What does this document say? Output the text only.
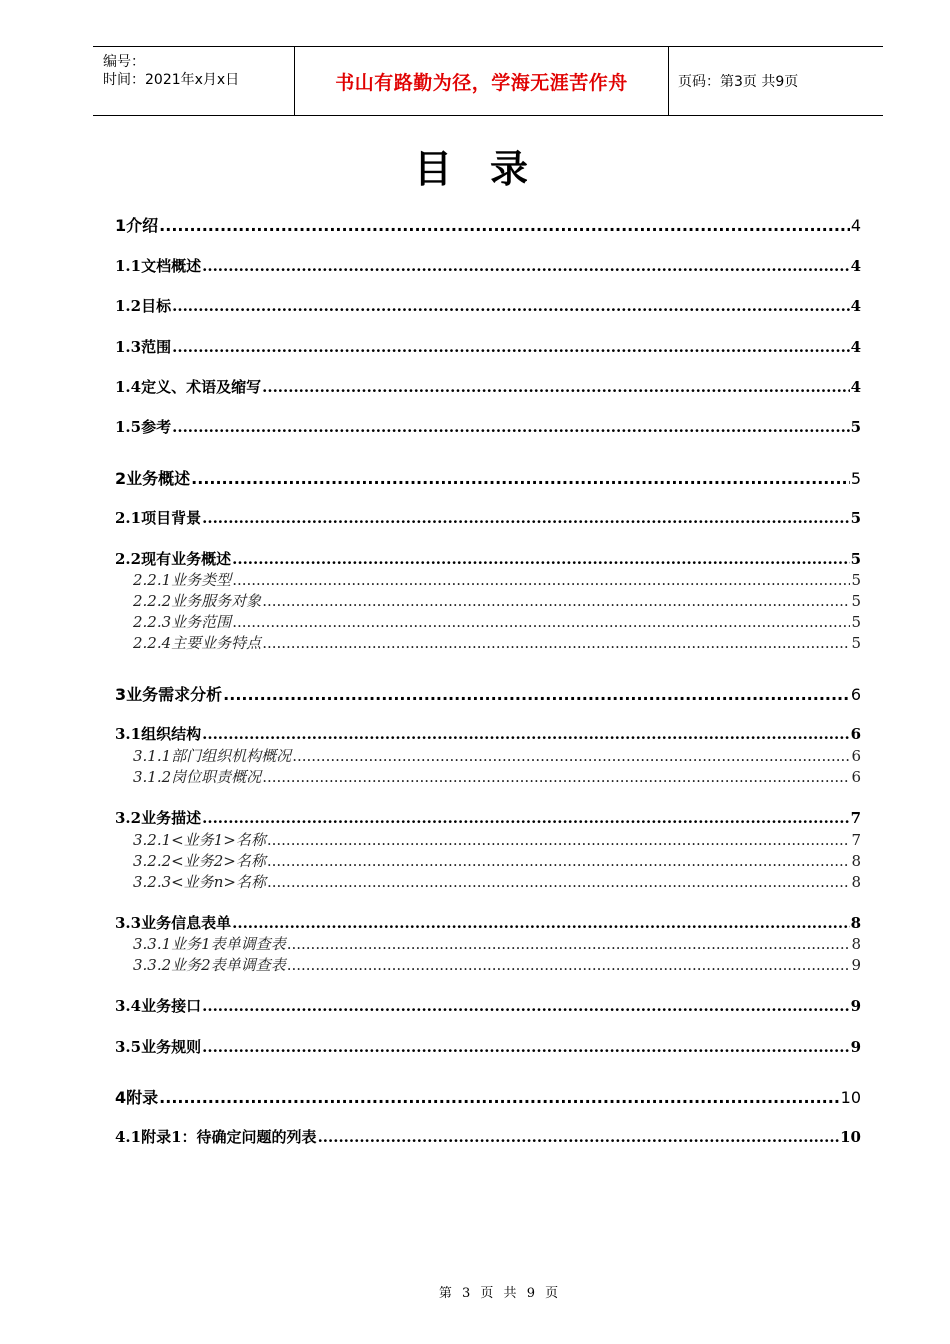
编号：
时间：2021年x月x日	书山有路勤为径，学海无涯苦作舟	页码：第3页 共9页
目录
1 介绍 .....	4
1.1 文档概述 .....	4
1.2 目标 .....	4
1.3 范围 .....	4
1.4 定义、术语及缩写 .....	4
1.5 参考 .....	5
2 业务概述 .....	5
2.1 项目背景 .....	5
2.2 现有业务概述 .....	5
2.2.1 业务类型 .....	5
2.2.2 业务服务对象 .....	5
2.2.3 业务范围 .....	5
2.2.4 主要业务特点 .....	5
3 业务需求分析 .....	6
3.1 组织结构 .....	6
3.1.1 部门组织机构概况 .....	6
3.1.2 岗位职责概况 .....	6
3.2 业务描述 .....	7
3.2.1 <业务1>名称 .....	7
3.2.2 <业务2>名称 .....	8
3.2.3 <业务n>名称 .....	8
3.3 业务信息表单 .....	8
3.3.1 业务1表单调查表 .....	8
3.3.2 业务2表单调查表 .....	9
3.4 业务接口 .....	9
3.5 业务规则 .....	9
4 附录 .....	10
4.1 附录1：待确定问题的列表 .....	10
第 3 页 共 9 页
